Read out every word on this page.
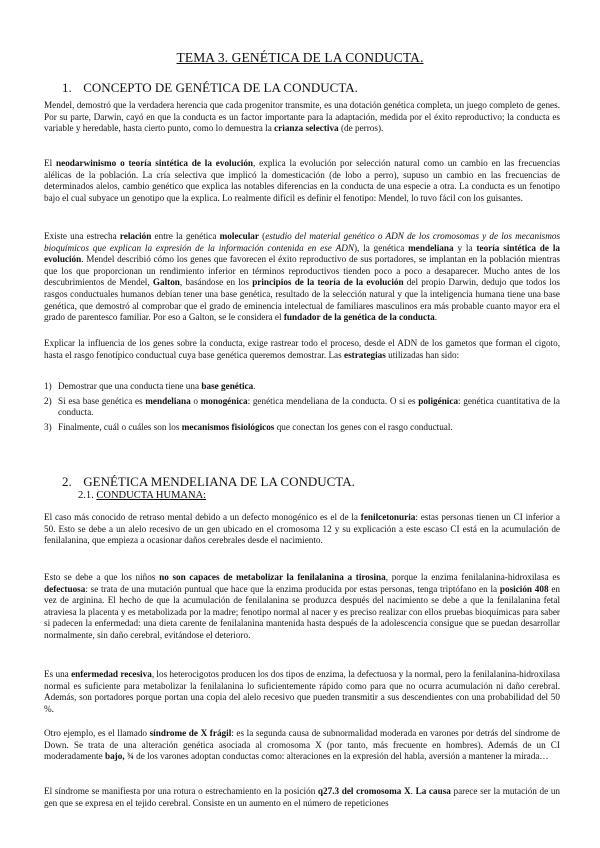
TEMA 3. GENÉTICA DE LA CONDUCTA.
1. CONCEPTO DE GENÉTICA DE LA CONDUCTA.

Mendel, demostró que la verdadera herencia que cada progenitor transmite, es una dotación genética completa, un juego completo de genes. Por su parte, Darwin, cayó en que la conducta es un factor importante para la adaptación, medida por el éxito reproductivo; la conducta es variable y heredable, hasta cierto punto, como lo demuestra la crianza selectiva (de perros).

El neodarwinismo o teoría sintética de la evolución, explica la evolución por selección natural como un cambio en las frecuencias alélicas de la población. La cría selectiva que implicó la domesticación (de lobo a perro), supuso un cambio en las frecuencias de determinados alelos, cambio genético que explica las notables diferencias en la conducta de una especie a otra. La conducta es un fenotipo bajo el cual subyace un genotipo que la explica. Lo realmente difícil es definir el fenotipo: Mendel, lo tuvo fácil con los guisantes.

Existe una estrecha relación entre la genética molecular (estudio del material genético o ADN de los cromosomas y de los mecanismos bioquímicos que explican la expresión de la información contenida en ese ADN), la genética mendeliana y la teoría sintética de la evolución. Mendel describió cómo los genes que favorecen el éxito reproductivo de sus portadores, se implantan en la población mientras que los que proporcionan un rendimiento inferior en términos reproductivos tienden poco a poco a desaparecer. Mucho antes de los descubrimientos de Mendel, Galton, basándose en los principios de la teoría de la evolución del propio Darwin, dedujo que todos los rasgos conductuales humanos debían tener una base genética, resultado de la selección natural y que la inteligencia humana tiene una base genética, que demostró al comprobar que el grado de eminencia intelectual de familiares masculinos era más probable cuanto mayor era el grado de parentesco familiar. Por eso a Galton, se le considera el fundador de la genética de la conducta.

Explicar la influencia de los genes sobre la conducta, exige rastrear todo el proceso, desde el ADN de los gametos que forman el cigoto, hasta el rasgo fenotípico conductual cuya base genética queremos demostrar. Las estrategias utilizadas han sido:

1) Demostrar que una conducta tiene una base genética.
2) Si esa base genética es mendeliana o monogénica: genética mendeliana de la conducta. O si es poligénica: genética cuantitativa de la conducta.
3) Finalmente, cuál o cuáles son los mecanismos fisiológicos que conectan los genes con el rasgo conductual.
2. GENÉTICA MENDELIANA DE LA CONDUCTA.
2.1. CONDUCTA HUMANA:

El caso más conocido de retraso mental debido a un defecto monogénico es el de la fenilcetonuria: estas personas tienen un CI inferior a 50. Esto se debe a un alelo recesivo de un gen ubicado en el cromosoma 12 y su explicación a este escaso CI está en la acumulación de fenilalanina, que empieza a ocasionar daños cerebrales desde el nacimiento.

Esto se debe a que los niños no son capaces de metabolizar la fenilalanina a tirosina, porque la enzima fenilalanina-hidroxilasa es defectuosa: se trata de una mutación puntual que hace que la enzima producida por estas personas, tenga triptófano en la posición 408 en vez de arginina. El hecho de que la acumulación de fenilalanina se produzca después del nacimiento se debe a que la fenilalanina fetal atraviesa la placenta y es metabolizada por la madre; fenotipo normal al nacer y es preciso realizar con ellos pruebas bioquímicas para saber si padecen la enfermedad: una dieta carente de fenilalanina mantenida hasta después de la adolescencia consigue que se puedan desarrollar normalmente, sin daño cerebral, evitándose el deterioro.

Es una enfermedad recesiva, los heterocigotos producen los dos tipos de enzima, la defectuosa y la normal, pero la fenilalanina-hidroxilasa normal es suficiente para metabolizar la fenilalanina lo suficientemente rápido como para que no ocurra acumulación ni daño cerebral. Además, son portadores porque portan una copia del alelo recesivo que pueden transmitir a sus descendientes con una probabilidad del 50 %.

Otro ejemplo, es el llamado síndrome de X frágil: es la segunda causa de subnormalidad moderada en varones por detrás del síndrome de Down. Se trata de una alteración genética asociada al cromosoma X (por tanto, más frecuente en hombres). Además de un CI moderadamente bajo, ¾ de los varones adoptan conductas como: alteraciones en la expresión del habla, aversión a mantener la mirada…

El síndrome se manifiesta por una rotura o estrechamiento en la posición q27.3 del cromosoma X. La causa parece ser la mutación de un gen que se expresa en el tejido cerebral. Consiste en un aumento en el número de repeticiones
